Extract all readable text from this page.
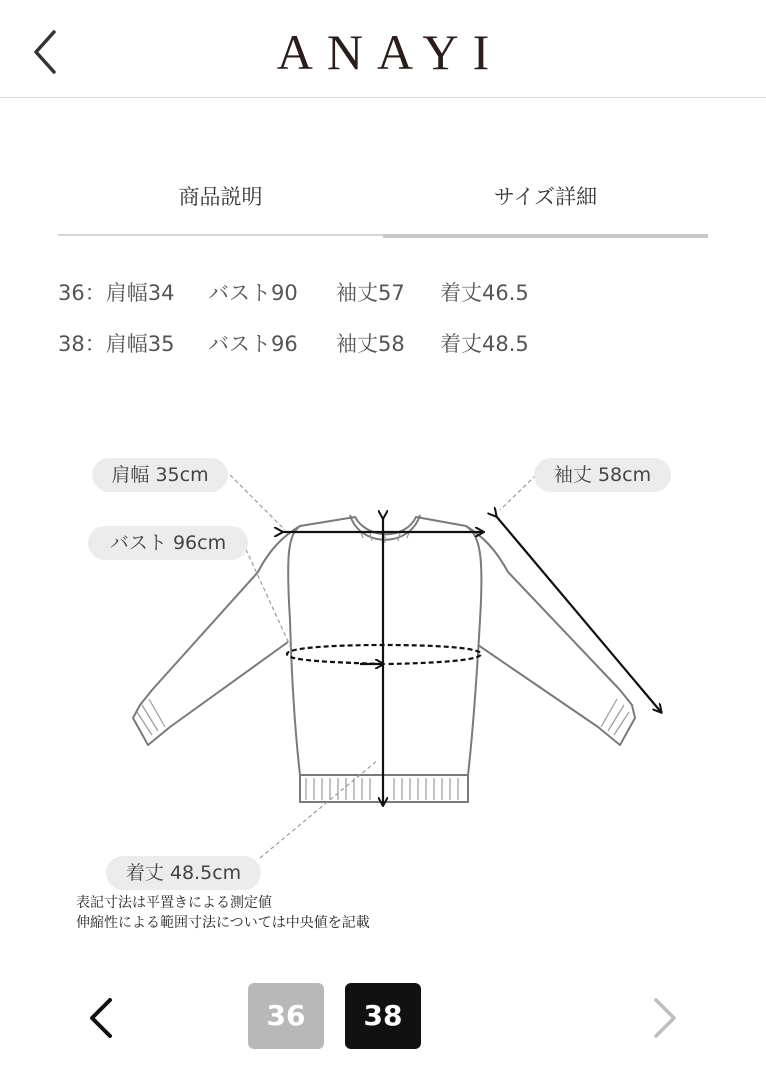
ANAYI
商品説明	サイズ詳細
36：肩幅34 バスト90 袖丈57 着丈46.5
38：肩幅35 バスト96 袖丈58 着丈48.5
肩幅 35cm
バスト 96cm
袖丈 58cm
着丈 48.5cm
表記寸法は平置きによる測定値
伸縮性による範囲寸法については中央値を記載
36	38
